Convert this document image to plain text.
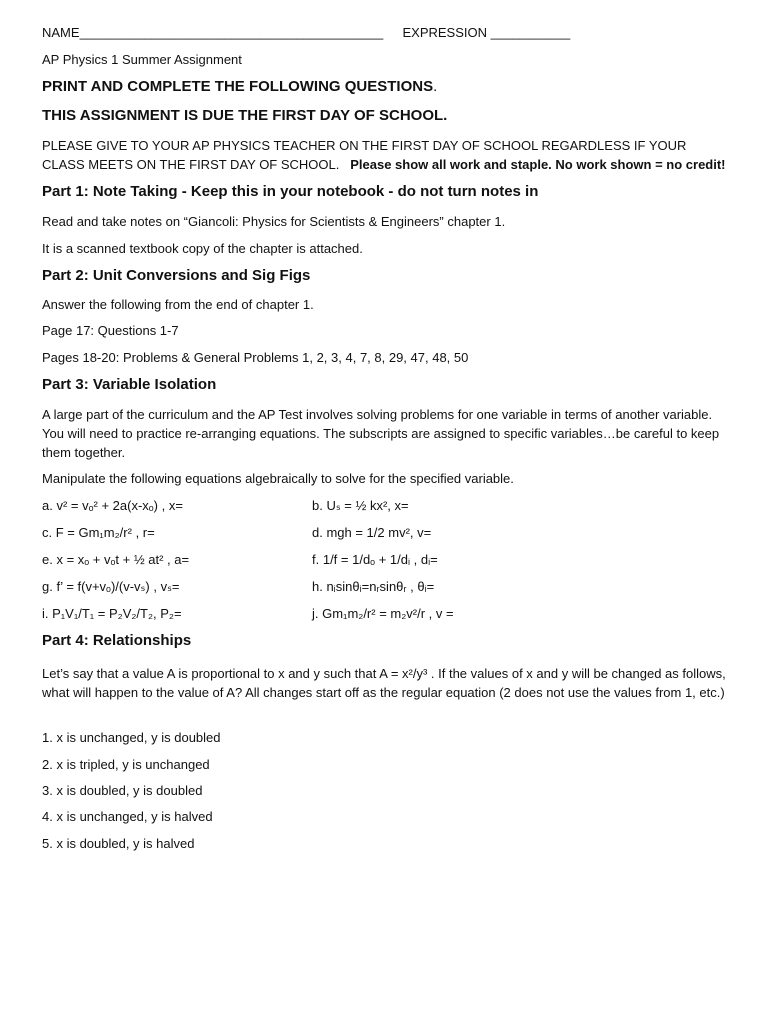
NAME__________________________________________ EXPRESSION ___________
AP Physics 1 Summer Assignment
PRINT AND COMPLETE THE FOLLOWING QUESTIONS.
THIS ASSIGNMENT IS DUE THE FIRST DAY OF SCHOOL.
PLEASE GIVE TO YOUR AP PHYSICS TEACHER ON THE FIRST DAY OF SCHOOL REGARDLESS IF YOUR CLASS MEETS ON THE FIRST DAY OF SCHOOL. Please show all work and staple. No work shown = no credit!
Part 1: Note Taking - Keep this in your notebook - do not turn notes in
Read and take notes on “Giancoli: Physics for Scientists & Engineers” chapter 1.
It is a scanned textbook copy of the chapter is attached.
Part 2: Unit Conversions and Sig Figs
Answer the following from the end of chapter 1.
Page 17: Questions 1-7
Pages 18-20: Problems & General Problems 1, 2, 3, 4, 7, 8, 29, 47, 48, 50
Part 3: Variable Isolation
A large part of the curriculum and the AP Test involves solving problems for one variable in terms of another variable. You will need to practice re-arranging equations. The subscripts are assigned to specific variables…be careful to keep them together.
Manipulate the following equations algebraically to solve for the specified variable.
a. v² = vₒ² + 2a(x-xₒ) , x=	b. Uₛ = ½ kx², x=
c. F = Gm₁m₂/r² , r=	d. mgh = 1/2 mv², v=
e. x = xₒ + vₒt + ½ at² , a=	f. 1/f = 1/dₒ + 1/dᵢ , dᵢ=
g. f’ = f(v+vₒ)/(v-vₛ) , vₛ=	h. nᵢsinθᵢ=nᵣsinθᵣ , θᵢ=
i. P₁V₁/T₁ = P₂V₂/T₂, P₂=	j. Gm₁m₂/r² = m₂v²/r , v =
Part 4: Relationships
Let’s say that a value A is proportional to x and y such that A = x²/y³ . If the values of x and y will be changed as follows, what will happen to the value of A? All changes start off as the regular equation (2 does not use the values from 1, etc.)
1. x is unchanged, y is doubled
2. x is tripled, y is unchanged
3. x is doubled, y is doubled
4. x is unchanged, y is halved
5. x is doubled, y is halved
